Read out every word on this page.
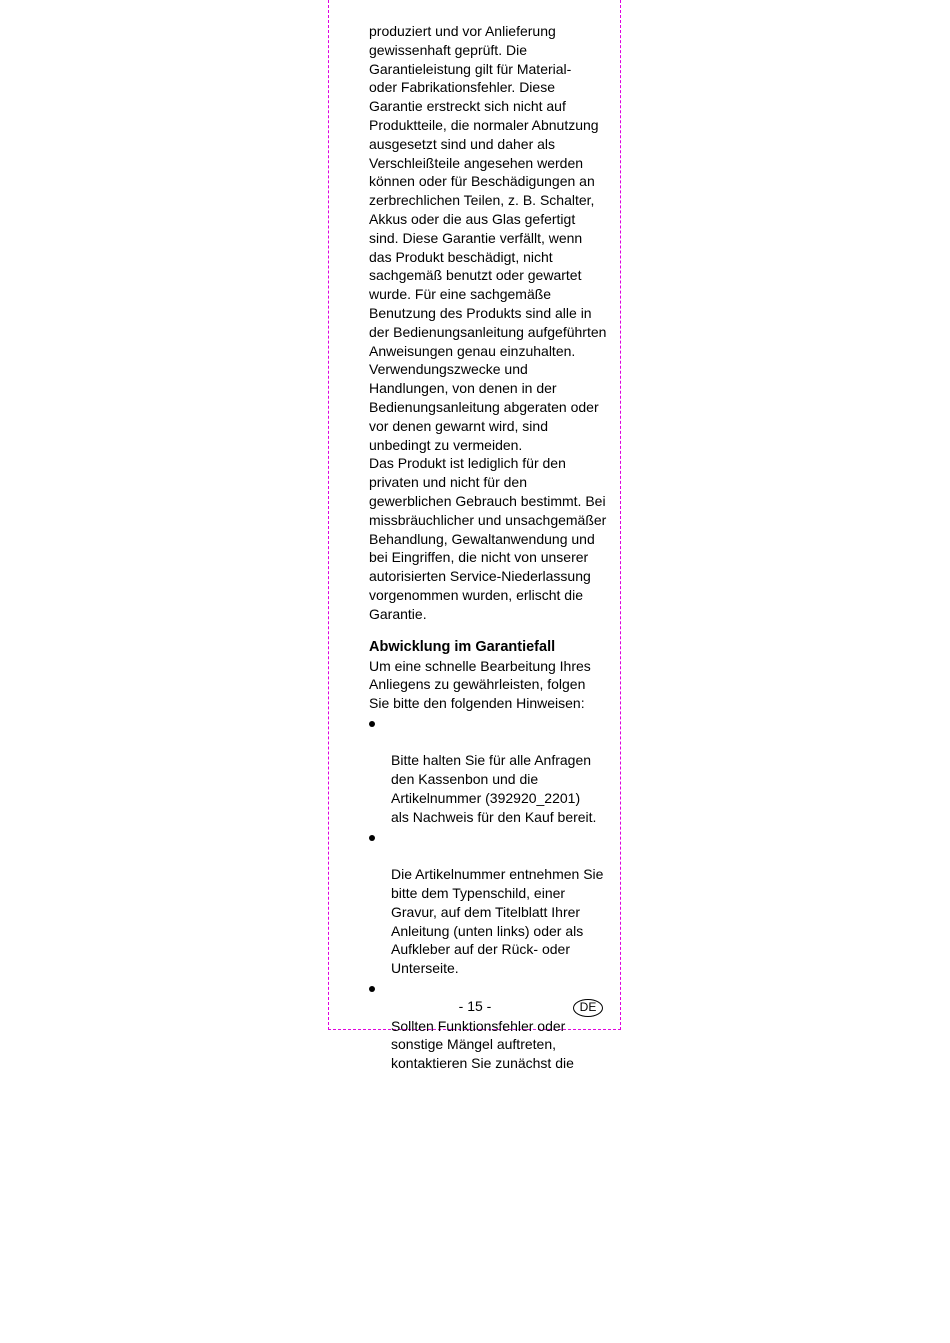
produziert und vor Anlieferung
gewissenhaft geprüft. Die
Garantieleistung gilt für Material-
oder Fabrikationsfehler. Diese
Garantie erstreckt sich nicht auf
Produktteile, die normaler Abnutzung
ausgesetzt sind und daher als
Verschleißteile angesehen werden
können oder für Beschädigungen an
zerbrechlichen Teilen, z. B. Schalter,
Akkus oder die aus Glas gefertigt
sind. Diese Garantie verfällt, wenn
das Produkt beschädigt, nicht
sachgemäß benutzt oder gewartet
wurde. Für eine sachgemäße
Benutzung des Produkts sind alle in
der Bedienungsanleitung aufgeführten
Anweisungen genau einzuhalten.
Verwendungszwecke und
Handlungen, von denen in der
Bedienungsanleitung abgeraten oder
vor denen gewarnt wird, sind
unbedingt zu vermeiden.

Das Produkt ist lediglich für den
privaten und nicht für den
gewerblichen Gebrauch bestimmt. Bei
missbräuchlicher und unsachgemäßer
Behandlung, Gewaltanwendung und
bei Eingriffen, die nicht von unserer
autorisierten Service-Niederlassung
vorgenommen wurden, erlischt die
Garantie.

Abwicklung im Garantiefall

Um eine schnelle Bearbeitung Ihres
Anliegens zu gewährleisten, folgen
Sie bitte den folgenden Hinweisen:

Bitte halten Sie für alle Anfragen
den Kassenbon und die
Artikelnummer (392920_2201)
als Nachweis für den Kauf bereit.

Die Artikelnummer entnehmen Sie
bitte dem Typenschild, einer
Gravur, auf dem Titelblatt Ihrer
Anleitung (unten links) oder als
Aufkleber auf der Rück- oder
Unterseite.

Sollten Funktionsfehler oder
sonstige Mängel auftreten,
kontaktieren Sie zunächst die

- 15 -	DE
